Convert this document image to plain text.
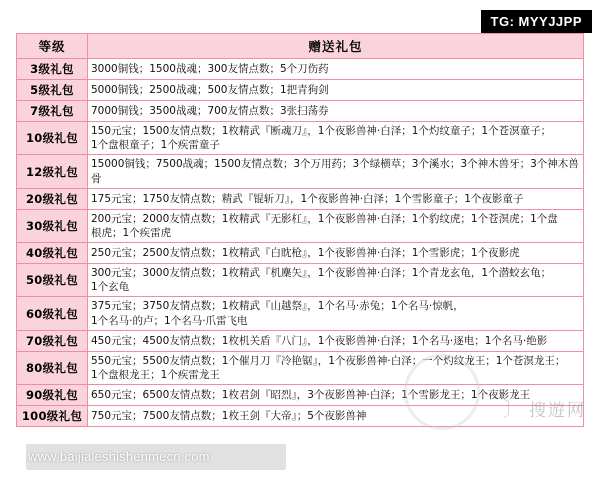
TG: MYYJJPP
〕 搜遊网
等级	赠送礼包
3级礼包	3000铜钱；1500战魂；300友情点数；5个刀伤药

5级礼包	5000铜钱；2500战魂；500友情点数；1把青狗剑

7级礼包	7000铜钱；3500战魂；700友情点数；3张扫荡券

10级礼包	150元宝；1500友情点数；1枚精武『断魂刀』，1个夜影兽神·白泽；1个灼纹童子；1个苍溟童子；
1个盘根童子；1个疾雷童子

12级礼包	15000铜钱；7500战魂；1500友情点数；3个万用药；3个绿横草；3个溪水；3个神木兽牙；3个神木兽
骨

20级礼包	175元宝；1750友情点数；精武『锟斩刀』，1个夜影兽神·白泽；1个雪影童子；1个夜影童子

30级礼包	200元宝；2000友情点数；1枚精武『无影杠』，1个夜影兽神·白泽；1个豹纹虎；1个苍溟虎；1个盘
根虎；1个疾雷虎

40级礼包	250元宝；2500友情点数；1枚精武『白眈枪』，1个夜影兽神·白泽；1个雪影虎；1个夜影虎

50级礼包	300元宝；3000友情点数；1枚精武『机麇矢』，1个夜影兽神·白泽；1个青龙玄龟，1个潜蛟玄龟；
1个玄龟

60级礼包	375元宝；3750友情点数；1枚精武『山越祭』，1个名马·赤兔；1个名马·惊帆，
1个名马·的卢；1个名马·爪雷飞电

70级礼包	450元宝；4500友情点数；1枚机关盾『八门』，1个夜影兽神·白泽；1个名马·逐电；1个名马·绝影

80级礼包	550元宝；5500友情点数；1个催月刀『冷艳锯』，1个夜影兽神·白泽；一个灼纹龙王；1个苍溟龙王；
1个盘根龙王；1个疾雷龙王

90级礼包	650元宝；6500友情点数；1枚君剑『昭烈』，3个夜影兽神·白泽；1个雪影龙王；1个夜影龙王

100级礼包	750元宝；7500友情点数；1枚王剑『大帝』；5个夜影兽神
www.baijialeshishenmecn.com
